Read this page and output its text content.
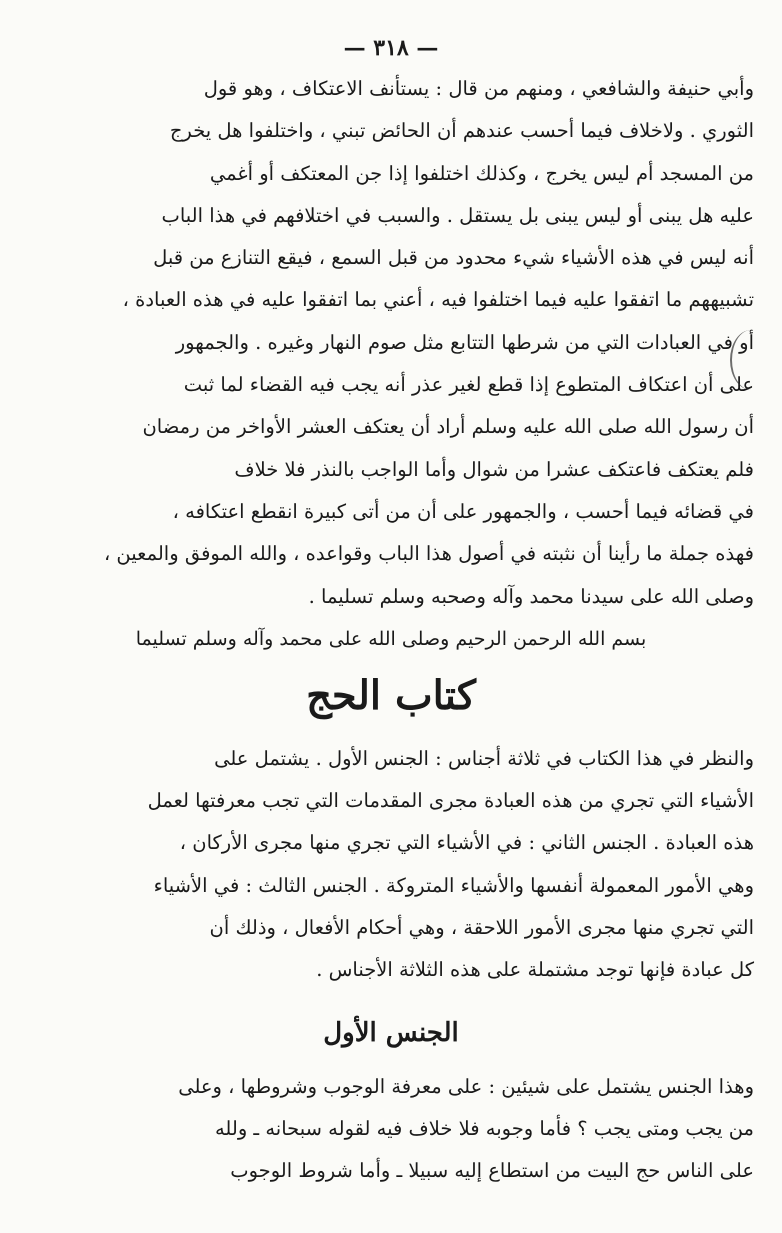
— ٣١٨ —

وأبي حنيفة والشافعي ، ومنهم من قال : يستأنف الاعتكاف ، وهو قول

الثوري . ولاخلاف فيما أحسب عندهم أن الحائض تبني ، واختلفوا هل يخرج

من المسجد أم ليس يخرج ، وكذلك اختلفوا إذا جن المعتكف أو أغمي

عليه هل يبنى أو ليس يبنى بل يستقل . والسبب في اختلافهم في هذا الباب

أنه ليس في هذه الأشياء شيء محدود من قبل السمع ، فيقع التنازع من قبل

تشبيههم ما اتفقوا عليه فيما اختلفوا فيه ، أعني بما اتفقوا عليه في هذه العبادة ،

أو في العبادات التي من شرطها التتابع مثل صوم النهار وغيره . والجمهور

على أن اعتكاف المتطوع إذا قطع لغير عذر أنه يجب فيه القضاء لما ثبت

أن رسول الله صلى الله عليه وسلم أراد أن يعتكف العشر الأواخر من رمضان

فلم يعتكف فاعتكف عشرا من شوال وأما الواجب بالنذر فلا خلاف

في قضائه فيما أحسب ، والجمهور على أن من أتى كبيرة انقطع اعتكافه ،

فهذه جملة ما رأينا أن نثبته في أصول هذا الباب وقواعده ، والله الموفق والمعين ،

وصلى الله على سيدنا محمد وآله وصحبه وسلم تسليما .

بسم الله الرحمن الرحيم وصلى الله على محمد وآله وسلم تسليما
كتاب الحج

والنظر في هذا الكتاب في ثلاثة أجناس : الجنس الأول . يشتمل على

الأشياء التي تجري من هذه العبادة مجرى المقدمات التي تجب معرفتها لعمل

هذه العبادة . الجنس الثاني : في الأشياء التي تجري منها مجرى الأركان ،

وهي الأمور المعمولة أنفسها والأشياء المتروكة . الجنس الثالث : في الأشياء

التي تجري منها مجرى الأمور اللاحقة ، وهي أحكام الأفعال ، وذلك أن

كل عبادة فإنها توجد مشتملة على هذه الثلاثة الأجناس .

الجنس الأول

وهذا الجنس يشتمل على شيئين : على معرفة الوجوب وشروطها ، وعلى

من يجب ومتى يجب ؟ فأما وجوبه فلا خلاف فيه لقوله سبحانه ـ ولله

على الناس حج البيت من استطاع إليه سبيلا ـ وأما شروط الوجوب
